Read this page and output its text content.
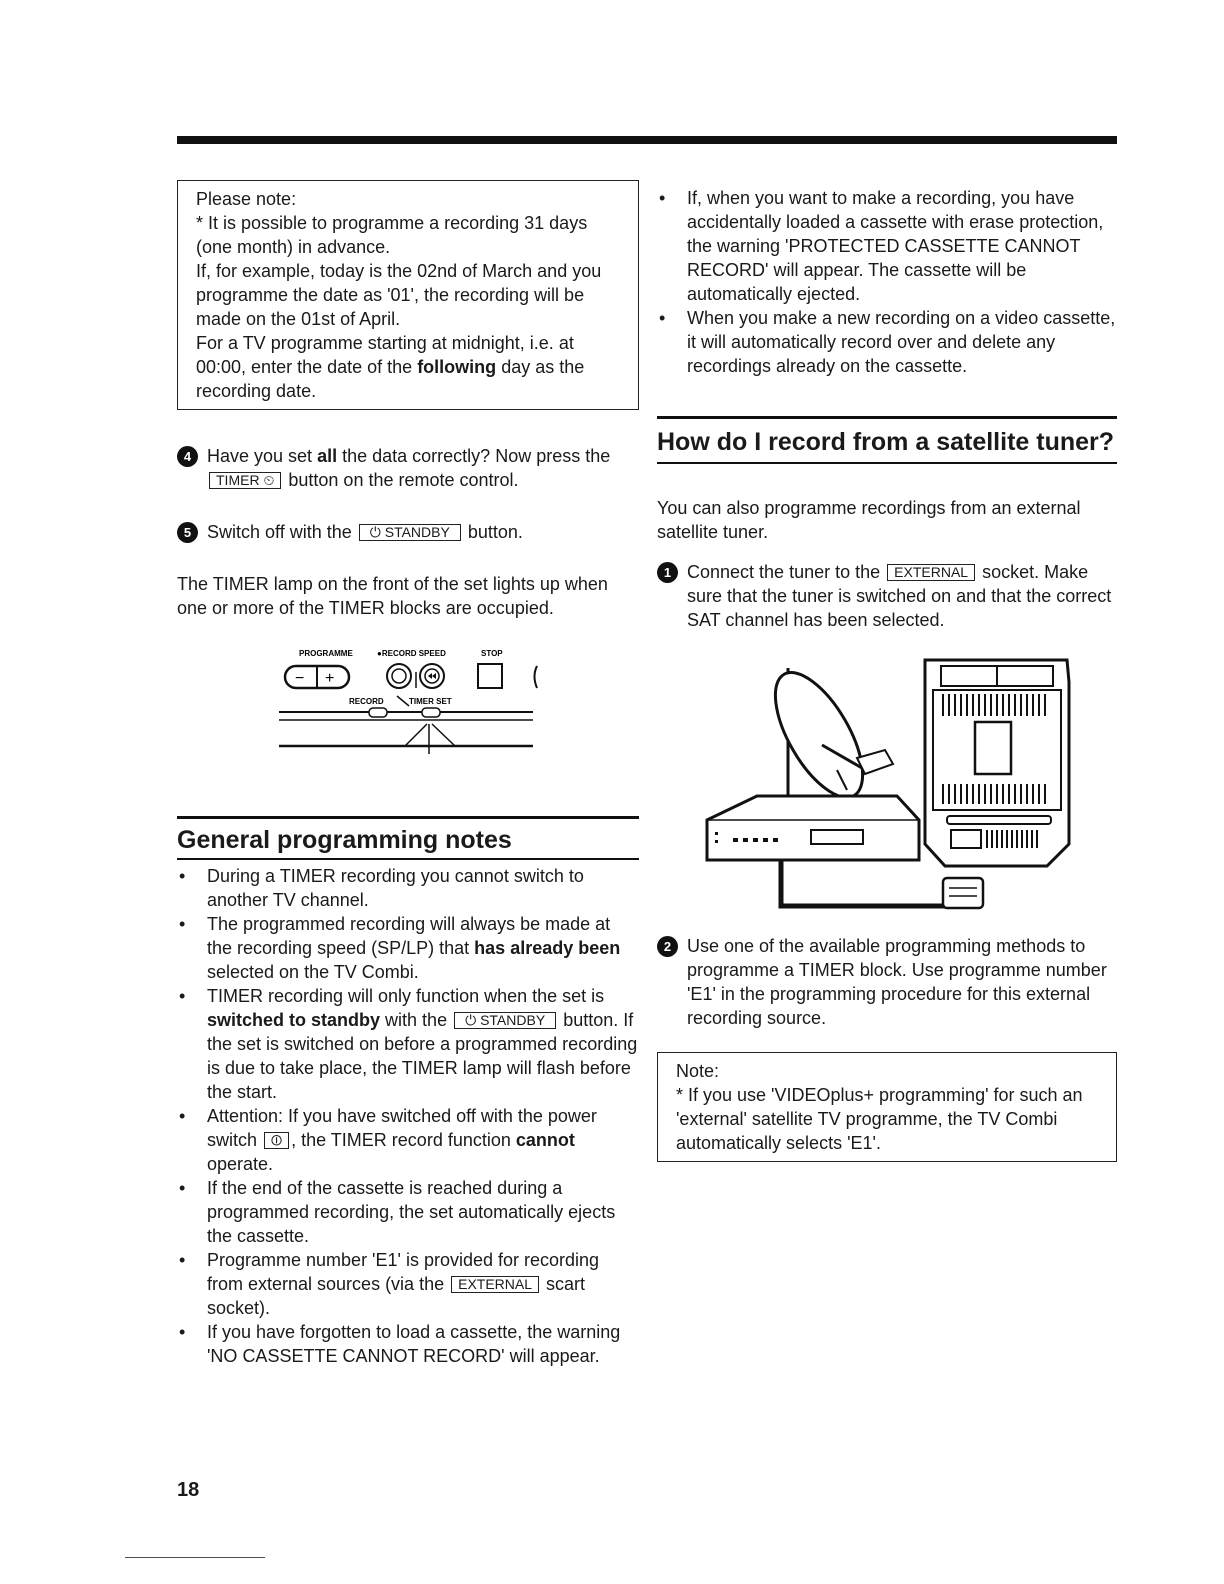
Please note:

* It is possible to programme a recording 31 days (one month) in advance.

If, for example, today is the 02nd of March and you programme the date as '01', the recording will be made on the 01st of April.

For a TV programme starting at midnight, i.e. at 00:00, enter the date of the following day as the recording date.

4 Have you set all the data correctly? Now press the TIMER ⏲ button on the remote control.

5 Switch off with the ⏻ STANDBY button.

The TIMER lamp on the front of the set lights up when one or more of the TIMER blocks are occupied.

PROGRAMME	●RECORD SPEED	STOP
− +
RECORD	TIMER SET
General programming notes
• During a TIMER recording you cannot switch to another TV channel.
• The programmed recording will always be made at the recording speed (SP/LP) that has already been selected on the TV Combi.
• TIMER recording will only function when the set is switched to standby with the ⏻ STANDBY button. If the set is switched on before a programmed recording is due to take place, the TIMER lamp will flash before the start.
• Attention: If you have switched off with the power switch ⏼ , the TIMER record function cannot operate.
• If the end of the cassette is reached during a programmed recording, the set automatically ejects the cassette.
• Programme number 'E1' is provided for recording from external sources (via the EXTERNAL scart socket).
• If you have forgotten to load a cassette, the warning 'NO CASSETTE CANNOT RECORD' will appear.
• If, when you want to make a recording, you have accidentally loaded a cassette with erase protection, the warning 'PROTECTED CASSETTE CANNOT RECORD' will appear. The cassette will be automatically ejected.
• When you make a new recording on a video cassette, it will automatically record over and delete any recordings already on the cassette.
How do I record from a satellite tuner?

You can also programme recordings from an external satellite tuner.

1 Connect the tuner to the EXTERNAL socket. Make sure that the tuner is switched on and that the correct SAT channel has been selected.

2 Use one of the available programming methods to programme a TIMER block. Use programme number 'E1' in the programming procedure for this external recording source.

Note:

* If you use 'VIDEOplus+ programming' for such an 'external' satellite TV programme, the TV Combi automatically selects 'E1'.

18
